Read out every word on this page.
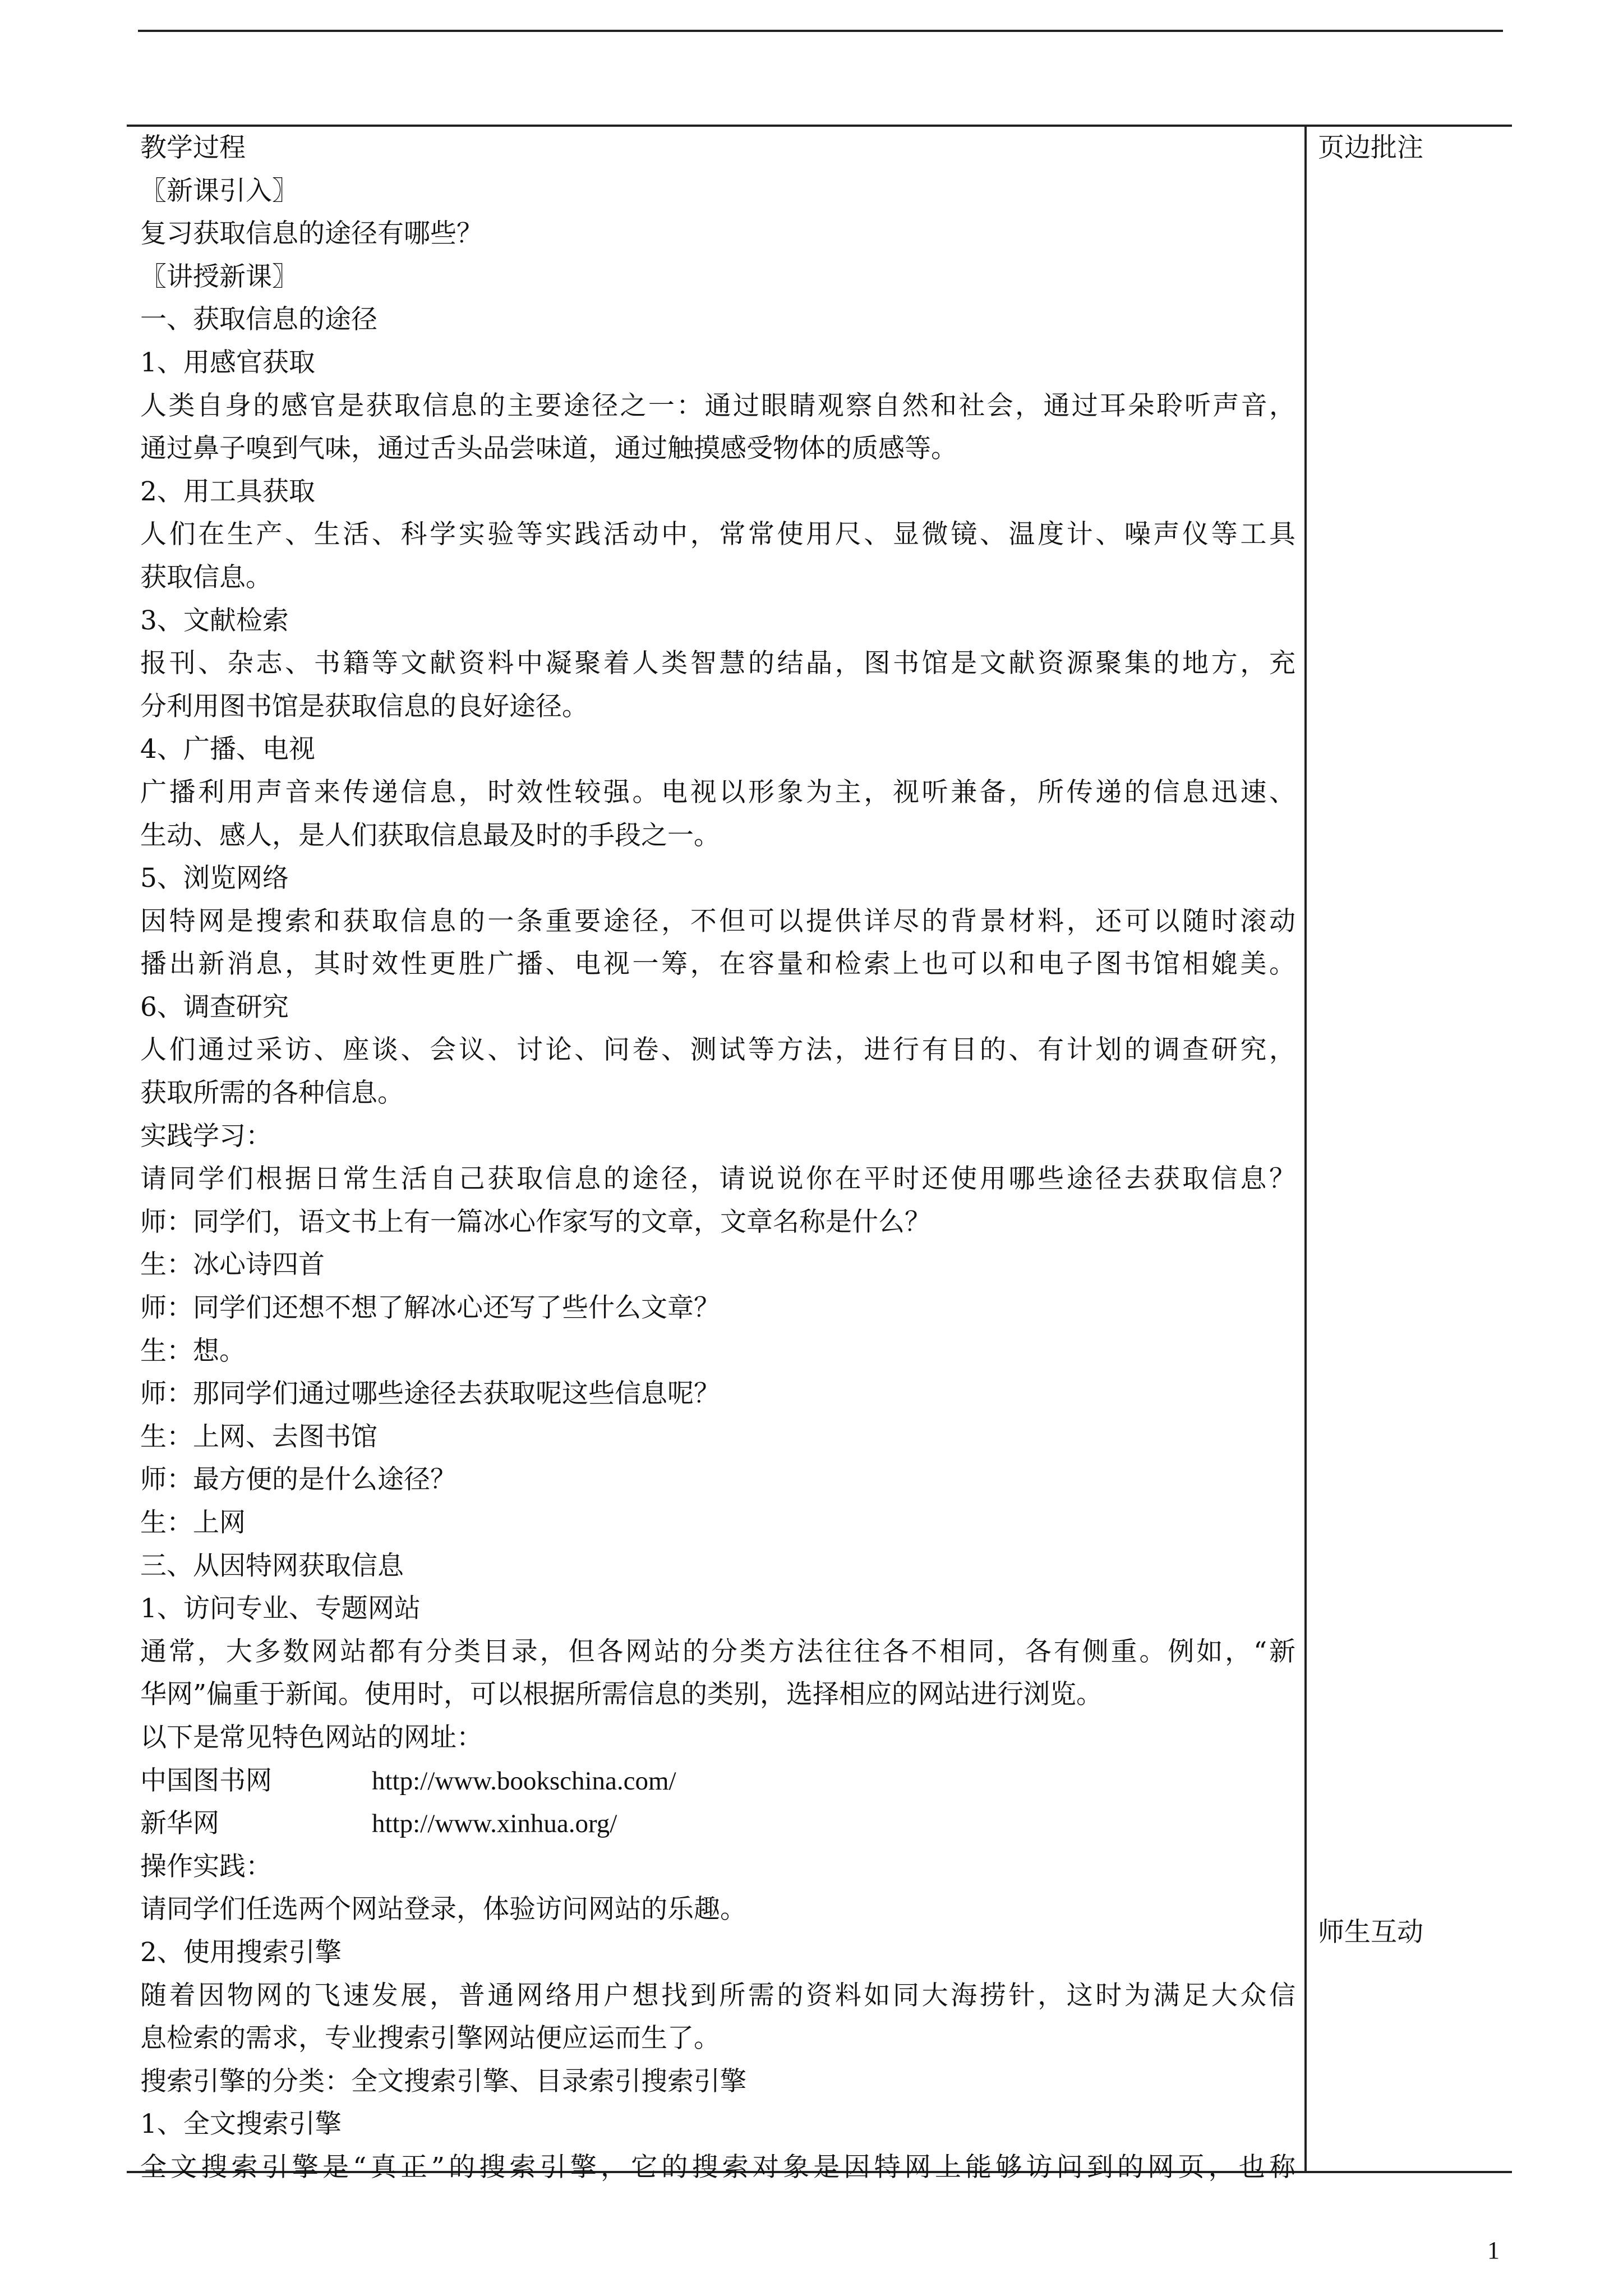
教学过程
〖新课引入〗
复习获取信息的途径有哪些？
〖讲授新课〗
一、获取信息的途径
1、用感官获取
人类自身的感官是获取信息的主要途径之一：通过眼睛观察自然和社会，通过耳朵聆听声音，
通过鼻子嗅到气味，通过舌头品尝味道，通过触摸感受物体的质感等。
2、用工具获取
人们在生产、生活、科学实验等实践活动中，常常使用尺、显微镜、温度计、噪声仪等工具
获取信息。
3、文献检索
报刊、杂志、书籍等文献资料中凝聚着人类智慧的结晶，图书馆是文献资源聚集的地方，充
分利用图书馆是获取信息的良好途径。
4、广播、电视
广播利用声音来传递信息，时效性较强。电视以形象为主，视听兼备，所传递的信息迅速、
生动、感人，是人们获取信息最及时的手段之一。
5、浏览网络
因特网是搜索和获取信息的一条重要途径，不但可以提供详尽的背景材料，还可以随时滚动
播出新消息，其时效性更胜广播、电视一筹，在容量和检索上也可以和电子图书馆相媲美。
6、调查研究
人们通过采访、座谈、会议、讨论、问卷、测试等方法，进行有目的、有计划的调查研究，
获取所需的各种信息。
实践学习：
请同学们根据日常生活自己获取信息的途径，请说说你在平时还使用哪些途径去获取信息？
师：同学们，语文书上有一篇冰心作家写的文章，文章名称是什么？
生：冰心诗四首
师：同学们还想不想了解冰心还写了些什么文章？
生：想。
师：那同学们通过哪些途径去获取呢这些信息呢？
生：上网、去图书馆
师：最方便的是什么途径？
生：上网
三、从因特网获取信息
1、访问专业、专题网站
通常，大多数网站都有分类目录，但各网站的分类方法往往各不相同，各有侧重。例如，“新
华网”偏重于新闻。使用时，可以根据所需信息的类别，选择相应的网站进行浏览。
以下是常见特色网站的网址：
中国图书网	http://www.bookschina.com/
新华网	http://www.xinhua.org/
操作实践：
请同学们任选两个网站登录，体验访问网站的乐趣。
2、使用搜索引擎
随着因物网的飞速发展，普通网络用户想找到所需的资料如同大海捞针，这时为满足大众信
息检索的需求，专业搜索引擎网站便应运而生了。
搜索引擎的分类：全文搜索引擎、目录索引搜索引擎
1、全文搜索引擎
全文搜索引擎是“真正”的搜索引擎，它的搜索对象是因特网上能够访问到的网页，也称
页边批注
师生互动
1
